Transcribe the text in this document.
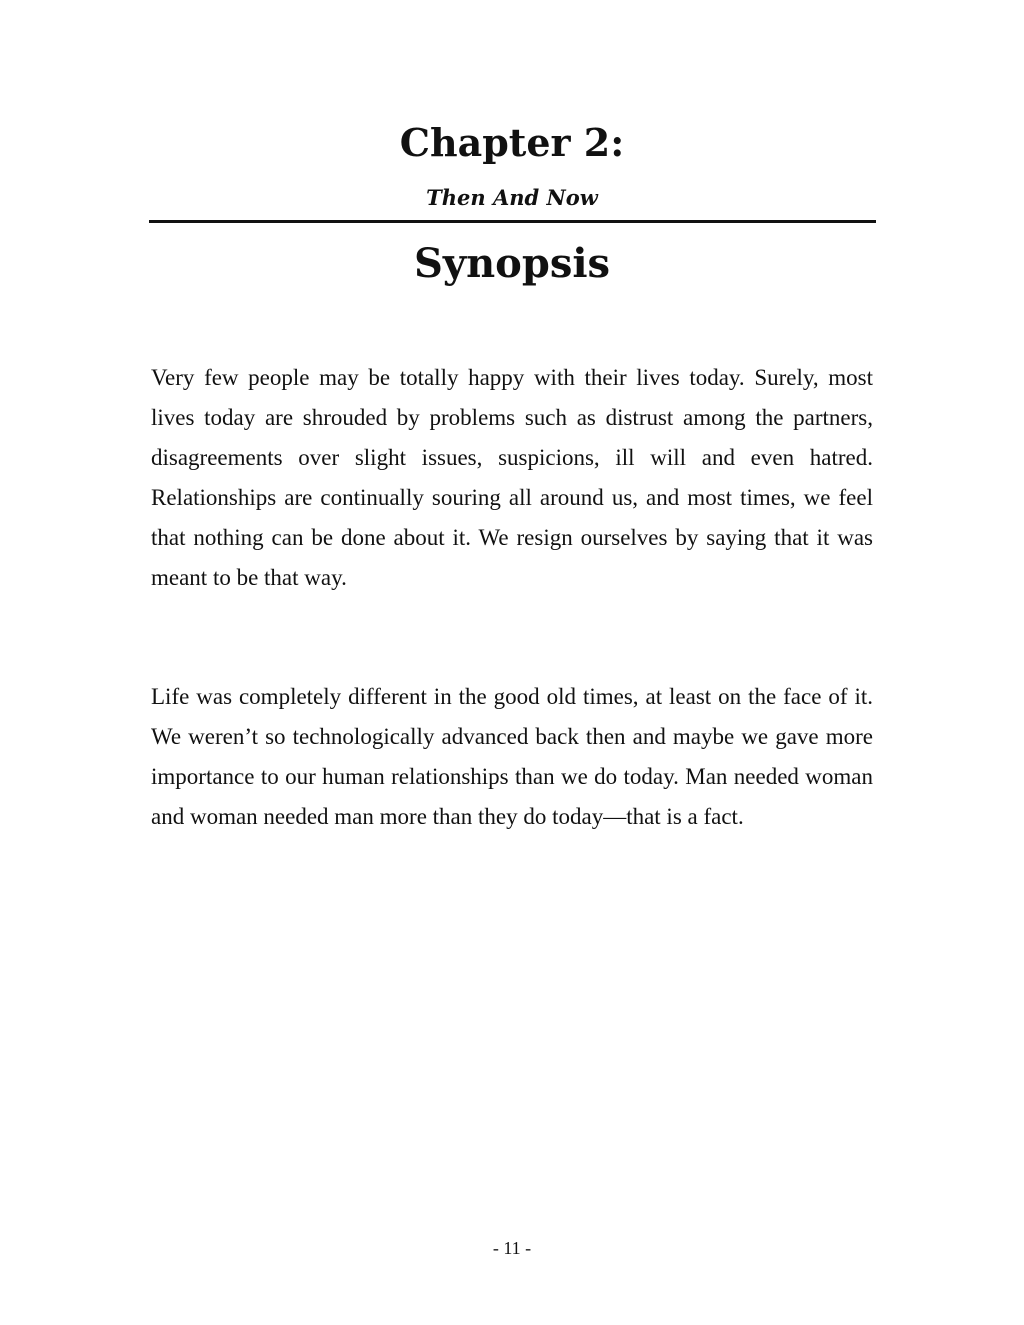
Chapter 2:
Then And Now
Synopsis

Very few people may be totally happy with their lives today. Surely, most lives today are shrouded by problems such as distrust among the partners, disagreements over slight issues, suspicions, ill will and even hatred. Relationships are continually souring all around us, and most times, we feel that nothing can be done about it. We resign ourselves by saying that it was meant to be that way.

Life was completely different in the good old times, at least on the face of it. We weren’t so technologically advanced back then and maybe we gave more importance to our human relationships than we do today. Man needed woman and woman needed man more than they do today—that is a fact.

- 11 -
